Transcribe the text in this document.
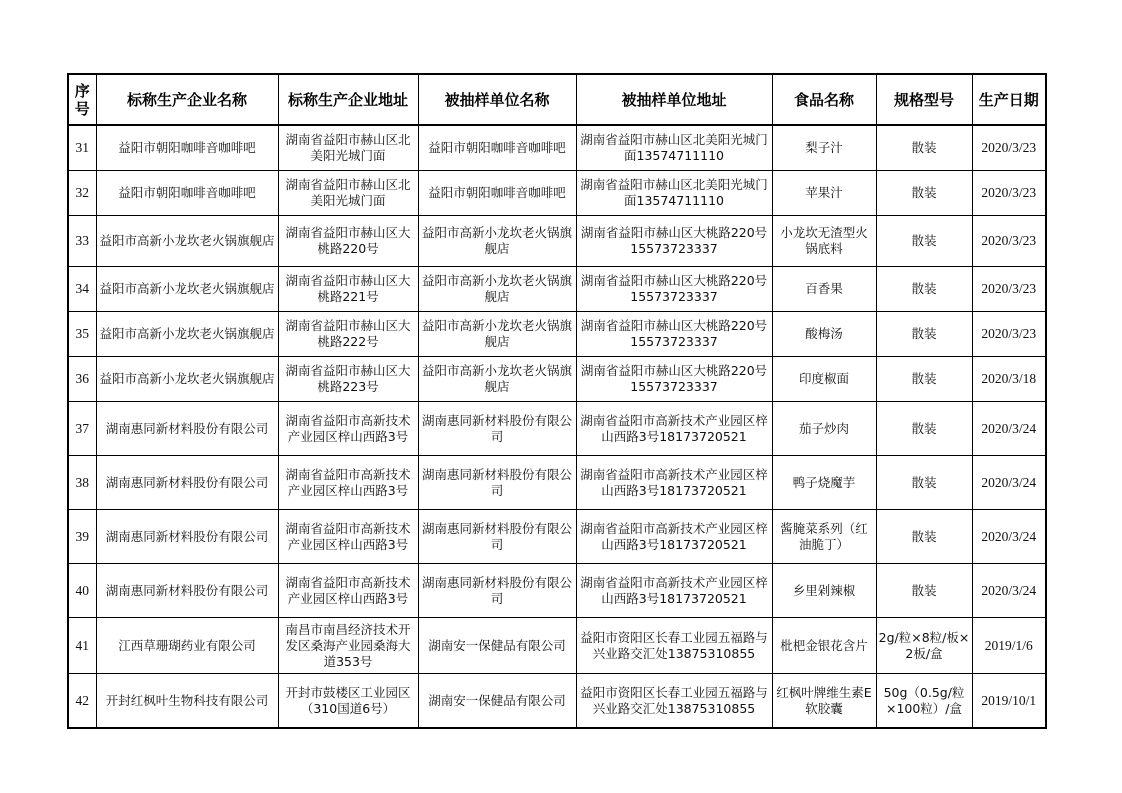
序号	标称生产企业名称	标称生产企业地址	被抽样单位名称	被抽样单位地址	食品名称	规格型号	生产日期
31	益阳市朝阳咖啡音咖啡吧	湖南省益阳市赫山区北美阳光城门面	益阳市朝阳咖啡音咖啡吧	湖南省益阳市赫山区北美阳光城门面13574711110	梨子汁	散装	2020/3/23
32	益阳市朝阳咖啡音咖啡吧	湖南省益阳市赫山区北美阳光城门面	益阳市朝阳咖啡音咖啡吧	湖南省益阳市赫山区北美阳光城门面13574711110	苹果汁	散装	2020/3/23
33	益阳市高新小龙坎老火锅旗舰店	湖南省益阳市赫山区大桃路220号	益阳市高新小龙坎老火锅旗舰店	湖南省益阳市赫山区大桃路220号15573723337	小龙坎无渣型火锅底料	散装	2020/3/23
34	益阳市高新小龙坎老火锅旗舰店	湖南省益阳市赫山区大桃路221号	益阳市高新小龙坎老火锅旗舰店	湖南省益阳市赫山区大桃路220号15573723337	百香果	散装	2020/3/23
35	益阳市高新小龙坎老火锅旗舰店	湖南省益阳市赫山区大桃路222号	益阳市高新小龙坎老火锅旗舰店	湖南省益阳市赫山区大桃路220号15573723337	酸梅汤	散装	2020/3/23
36	益阳市高新小龙坎老火锅旗舰店	湖南省益阳市赫山区大桃路223号	益阳市高新小龙坎老火锅旗舰店	湖南省益阳市赫山区大桃路220号15573723337	印度椒面	散装	2020/3/18
37	湖南惠同新材料股份有限公司	湖南省益阳市高新技术产业园区梓山西路3号	湖南惠同新材料股份有限公司	湖南省益阳市高新技术产业园区梓山西路3号18173720521	茄子炒肉	散装	2020/3/24
38	湖南惠同新材料股份有限公司	湖南省益阳市高新技术产业园区梓山西路3号	湖南惠同新材料股份有限公司	湖南省益阳市高新技术产业园区梓山西路3号18173720521	鸭子烧魔芋	散装	2020/3/24
39	湖南惠同新材料股份有限公司	湖南省益阳市高新技术产业园区梓山西路3号	湖南惠同新材料股份有限公司	湖南省益阳市高新技术产业园区梓山西路3号18173720521	酱腌菜系列（红油脆丁）	散装	2020/3/24
40	湖南惠同新材料股份有限公司	湖南省益阳市高新技术产业园区梓山西路3号	湖南惠同新材料股份有限公司	湖南省益阳市高新技术产业园区梓山西路3号18173720521	乡里剁辣椒	散装	2020/3/24
41	江西草珊瑚药业有限公司	南昌市南昌经济技术开发区桑海产业园桑海大道353号	湖南安一保健品有限公司	益阳市资阳区长春工业园五福路与兴业路交汇处13875310855	枇杷金银花含片	2g/粒×8粒/板×2板/盒	2019/1/6
42	开封红枫叶生物科技有限公司	开封市鼓楼区工业园区（310国道6号）	湖南安一保健品有限公司	益阳市资阳区长春工业园五福路与兴业路交汇处13875310855	红枫叶牌维生素E软胶囊	50g（0.5g/粒×100粒）/盒	2019/10/1
